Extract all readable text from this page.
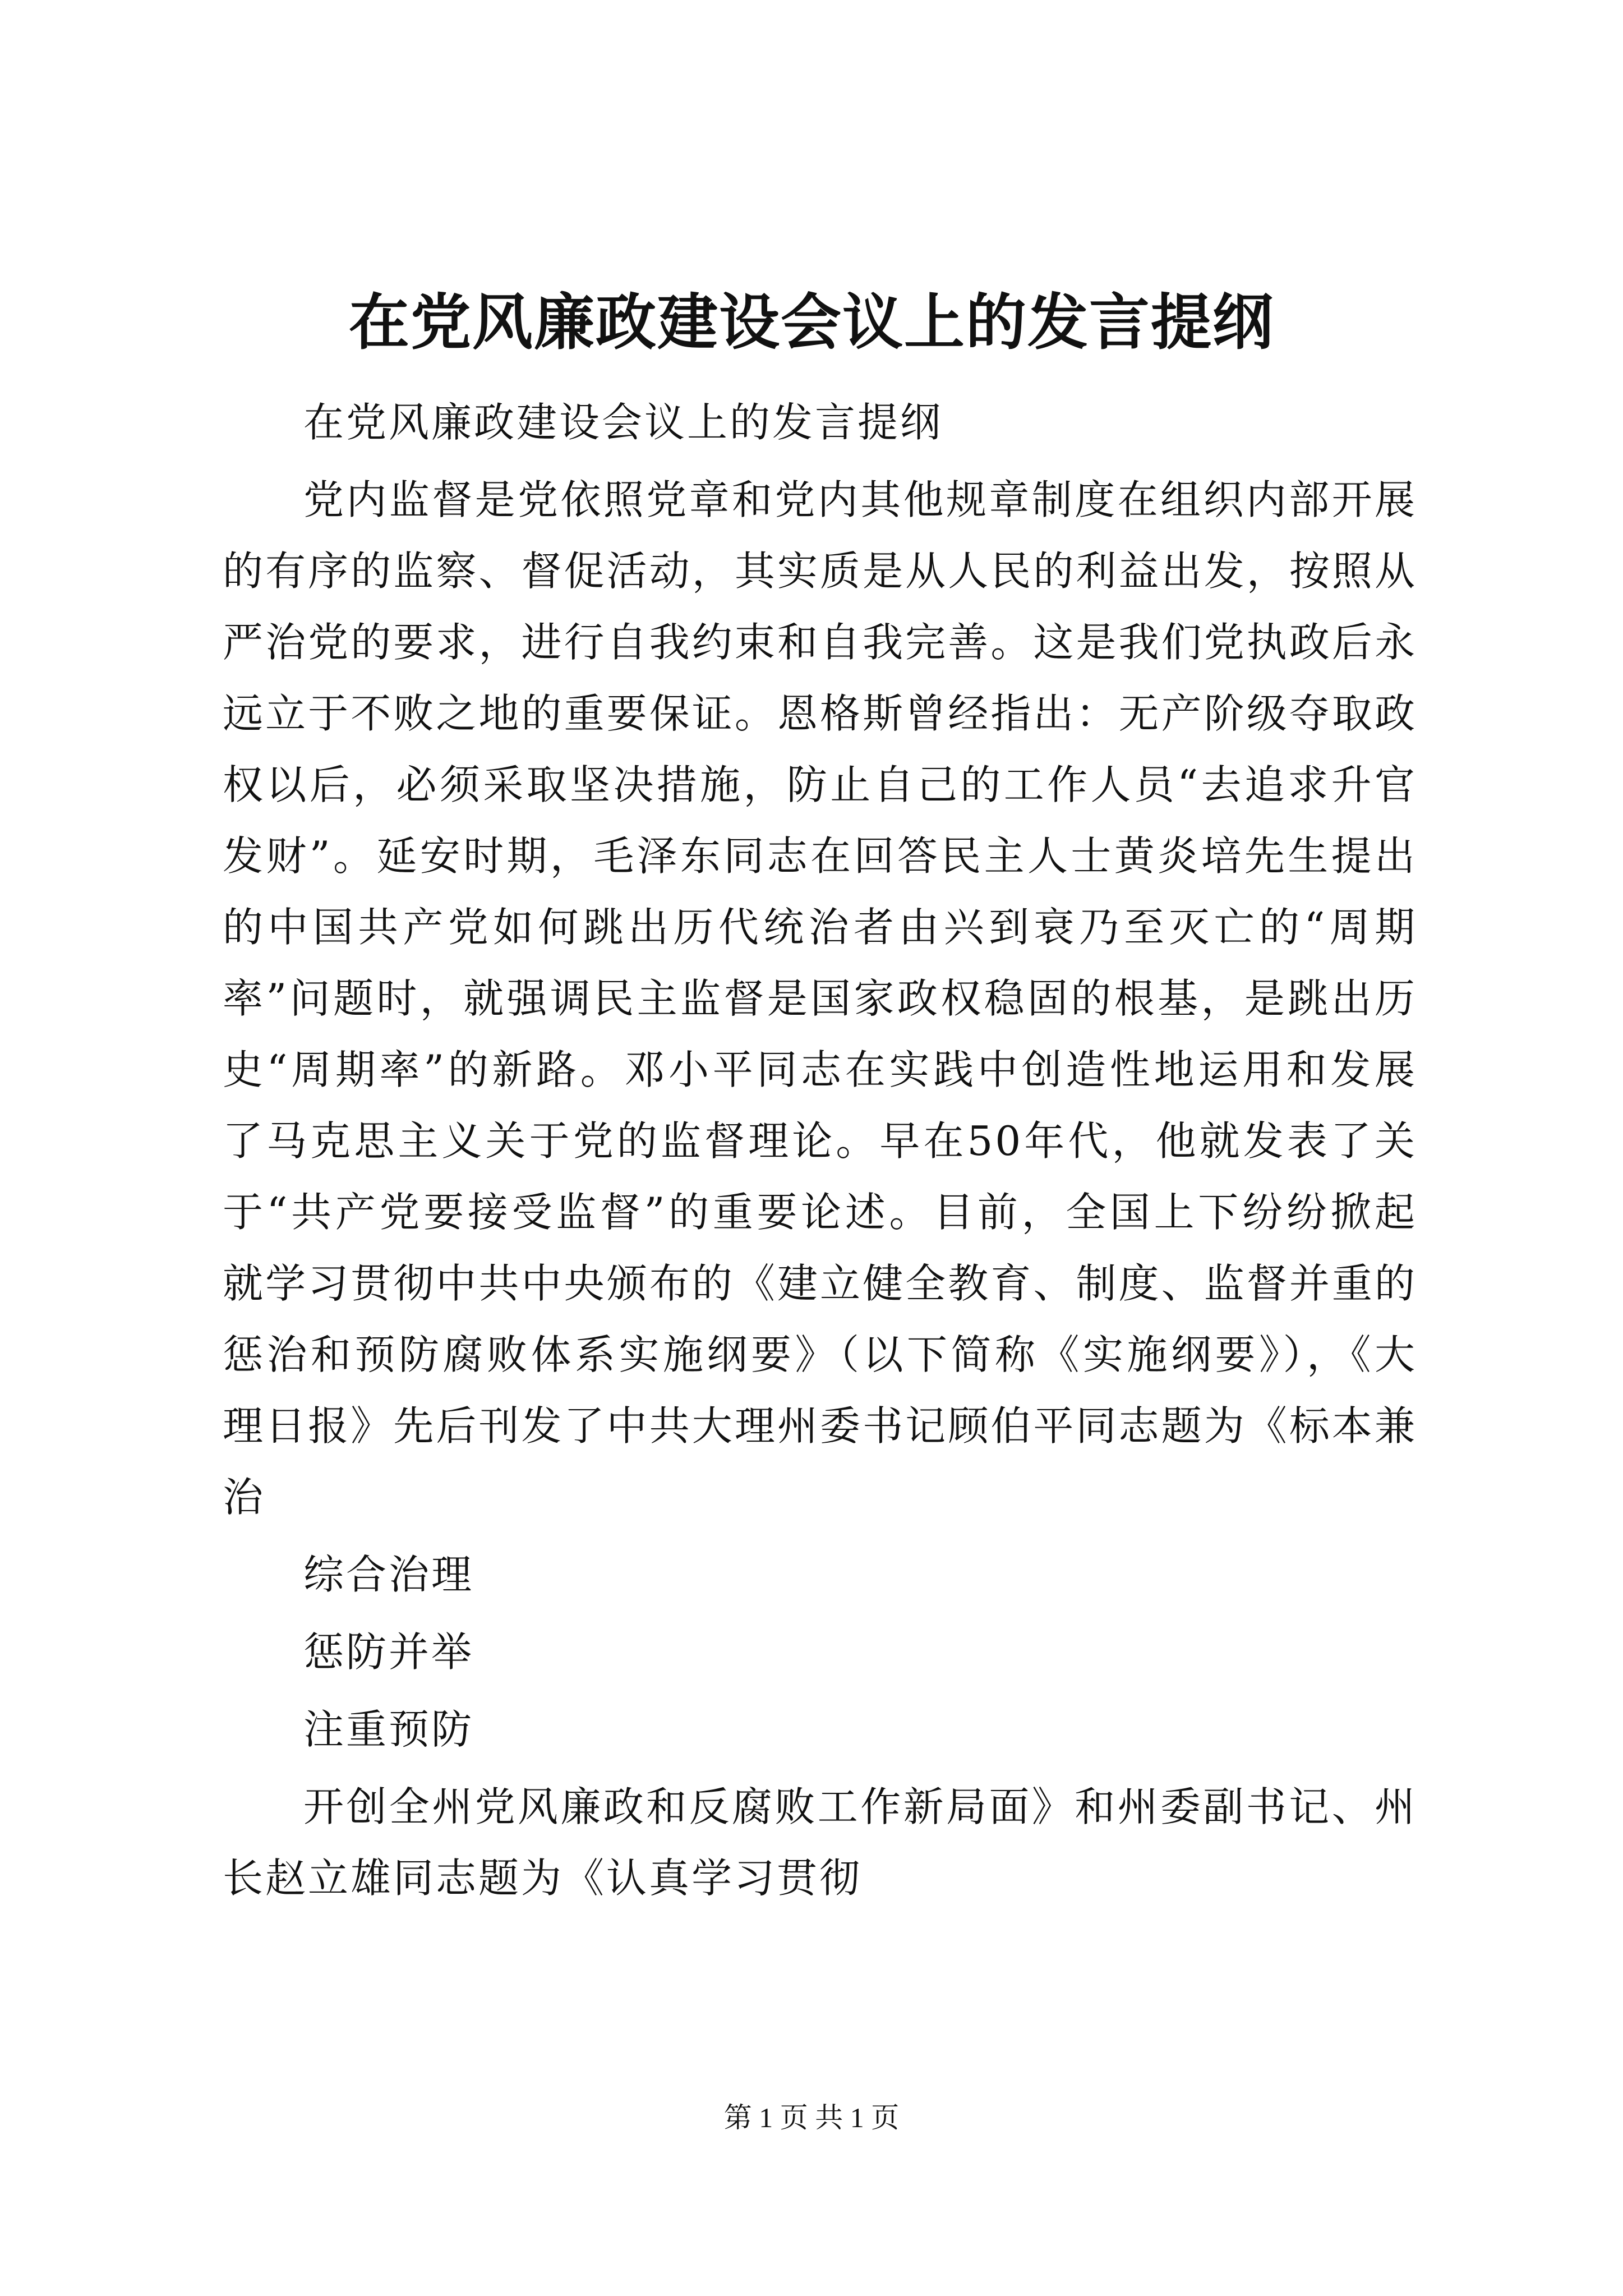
在党风廉政建设会议上的发言提纲

在党风廉政建设会议上的发言提纲

党内监督是党依照党章和党内其他规章制度在组织内部开展的有序的监察、督促活动，其实质是从人民的利益出发，按照从严治党的要求，进行自我约束和自我完善。这是我们党执政后永远立于不败之地的重要保证。恩格斯曾经指出：无产阶级夺取政权以后，必须采取坚决措施，防止自己的工作人员“去追求升官发财”。延安时期，毛泽东同志在回答民主人士黄炎培先生提出的中国共产党如何跳出历代统治者由兴到衰乃至灭亡的“周期率”问题时，就强调民主监督是国家政权稳固的根基，是跳出历史“周期率”的新路。邓小平同志在实践中创造性地运用和发展了马克思主义关于党的监督理论。早在50年代，他就发表了关于“共产党要接受监督”的重要论述。目前，全国上下纷纷掀起就学习贯彻中共中央颁布的《建立健全教育、制度、监督并重的惩治和预防腐败体系实施纲要》（以下简称《实施纲要》），《大理日报》先后刊发了中共大理州委书记顾伯平同志题为《标本兼治

综合治理

惩防并举

注重预防

开创全州党风廉政和反腐败工作新局面》和州委副书记、州长赵立雄同志题为《认真学习贯彻

第 1 页 共 1 页
